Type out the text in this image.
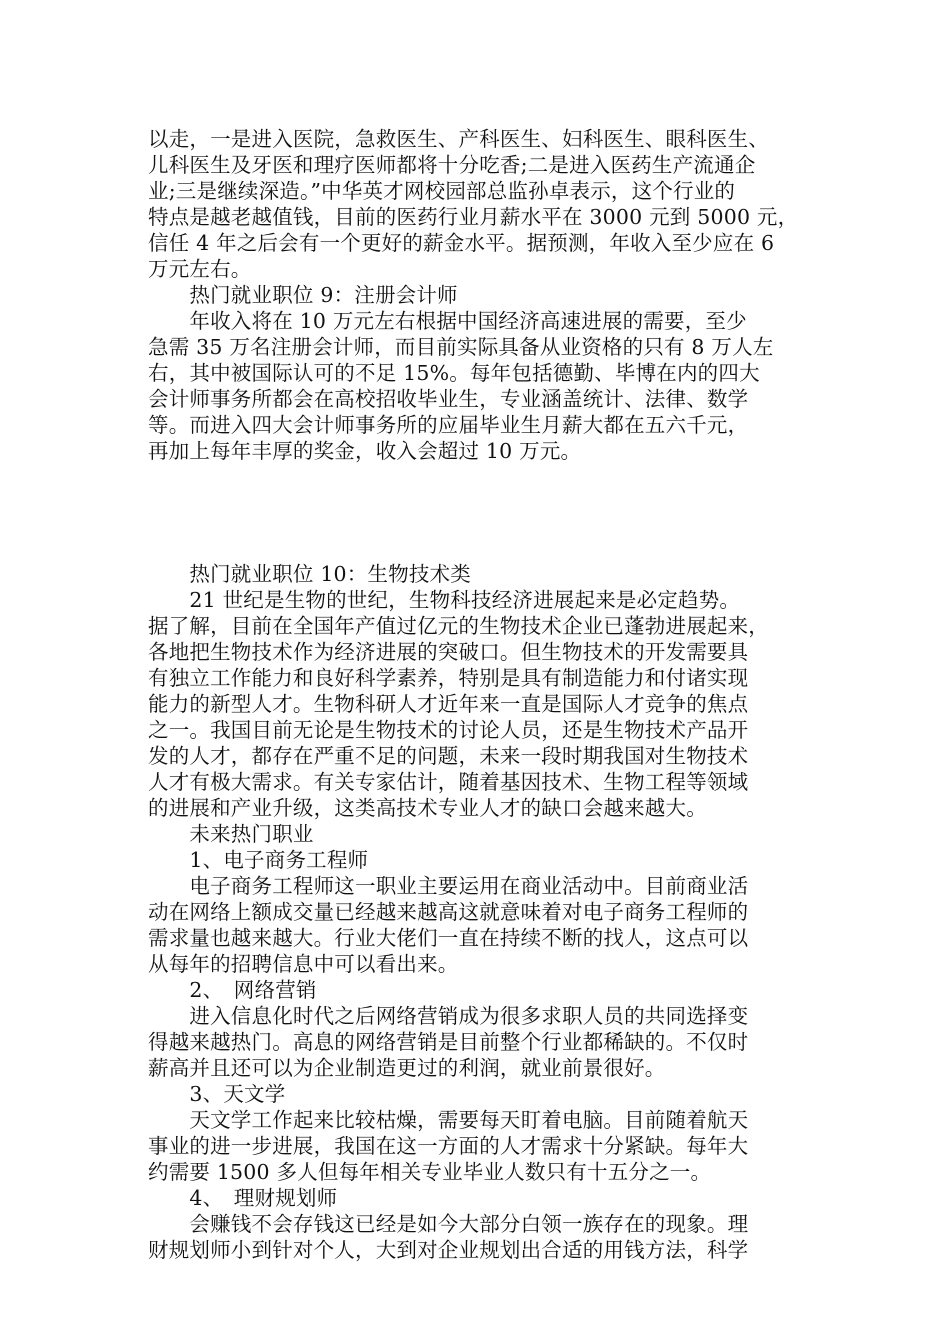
以走，一是进入医院，急救医生、产科医生、妇科医生、眼科医生、
儿科医生及牙医和理疗医师都将十分吃香;二是进入医药生产流通企
业;三是继续深造。”中华英才网校园部总监孙卓表示，这个行业的
特点是越老越值钱，目前的医药行业月薪水平在 3000 元到 5000 元，
信任 4 年之后会有一个更好的薪金水平。据预测，年收入至少应在 6
万元左右。
　　热门就业职位 9：注册会计师
　　年收入将在 10 万元左右根据中国经济高速进展的需要，至少
急需 35 万名注册会计师，而目前实际具备从业资格的只有 8 万人左
右，其中被国际认可的不足 15%。每年包括德勤、毕博在内的四大
会计师事务所都会在高校招收毕业生，专业涵盖统计、法律、数学
等。而进入四大会计师事务所的应届毕业生月薪大都在五六千元，
再加上每年丰厚的奖金，收入会超过 10 万元。
　　热门就业职位 10：生物技术类
　　21 世纪是生物的世纪，生物科技经济进展起来是必定趋势。
据了解，目前在全国年产值过亿元的生物技术企业已蓬勃进展起来，
各地把生物技术作为经济进展的突破口。但生物技术的开发需要具
有独立工作能力和良好科学素养，特别是具有制造能力和付诸实现
能力的新型人才。生物科研人才近年来一直是国际人才竞争的焦点
之一。我国目前无论是生物技术的讨论人员，还是生物技术产品开
发的人才，都存在严重不足的问题，未来一段时期我国对生物技术
人才有极大需求。有关专家估计，随着基因技术、生物工程等领域
的进展和产业升级，这类高技术专业人才的缺口会越来越大。
　　未来热门职业
　　1、电子商务工程师
　　电子商务工程师这一职业主要运用在商业活动中。目前商业活
动在网络上额成交量已经越来越高这就意味着对电子商务工程师的
需求量也越来越大。行业大佬们一直在持续不断的找人，这点可以
从每年的招聘信息中可以看出来。
　　2、　网络营销
　　进入信息化时代之后网络营销成为很多求职人员的共同选择变
得越来越热门。高息的网络营销是目前整个行业都稀缺的。不仅时
薪高并且还可以为企业制造更过的利润，就业前景很好。
　　3、天文学
　　天文学工作起来比较枯燥，需要每天盯着电脑。目前随着航天
事业的进一步进展，我国在这一方面的人才需求十分紧缺。每年大
约需要 1500 多人但每年相关专业毕业人数只有十五分之一。
　　4、　理财规划师
　　会赚钱不会存钱这已经是如今大部分白领一族存在的现象。理
财规划师小到针对个人，大到对企业规划出合适的用钱方法，科学
